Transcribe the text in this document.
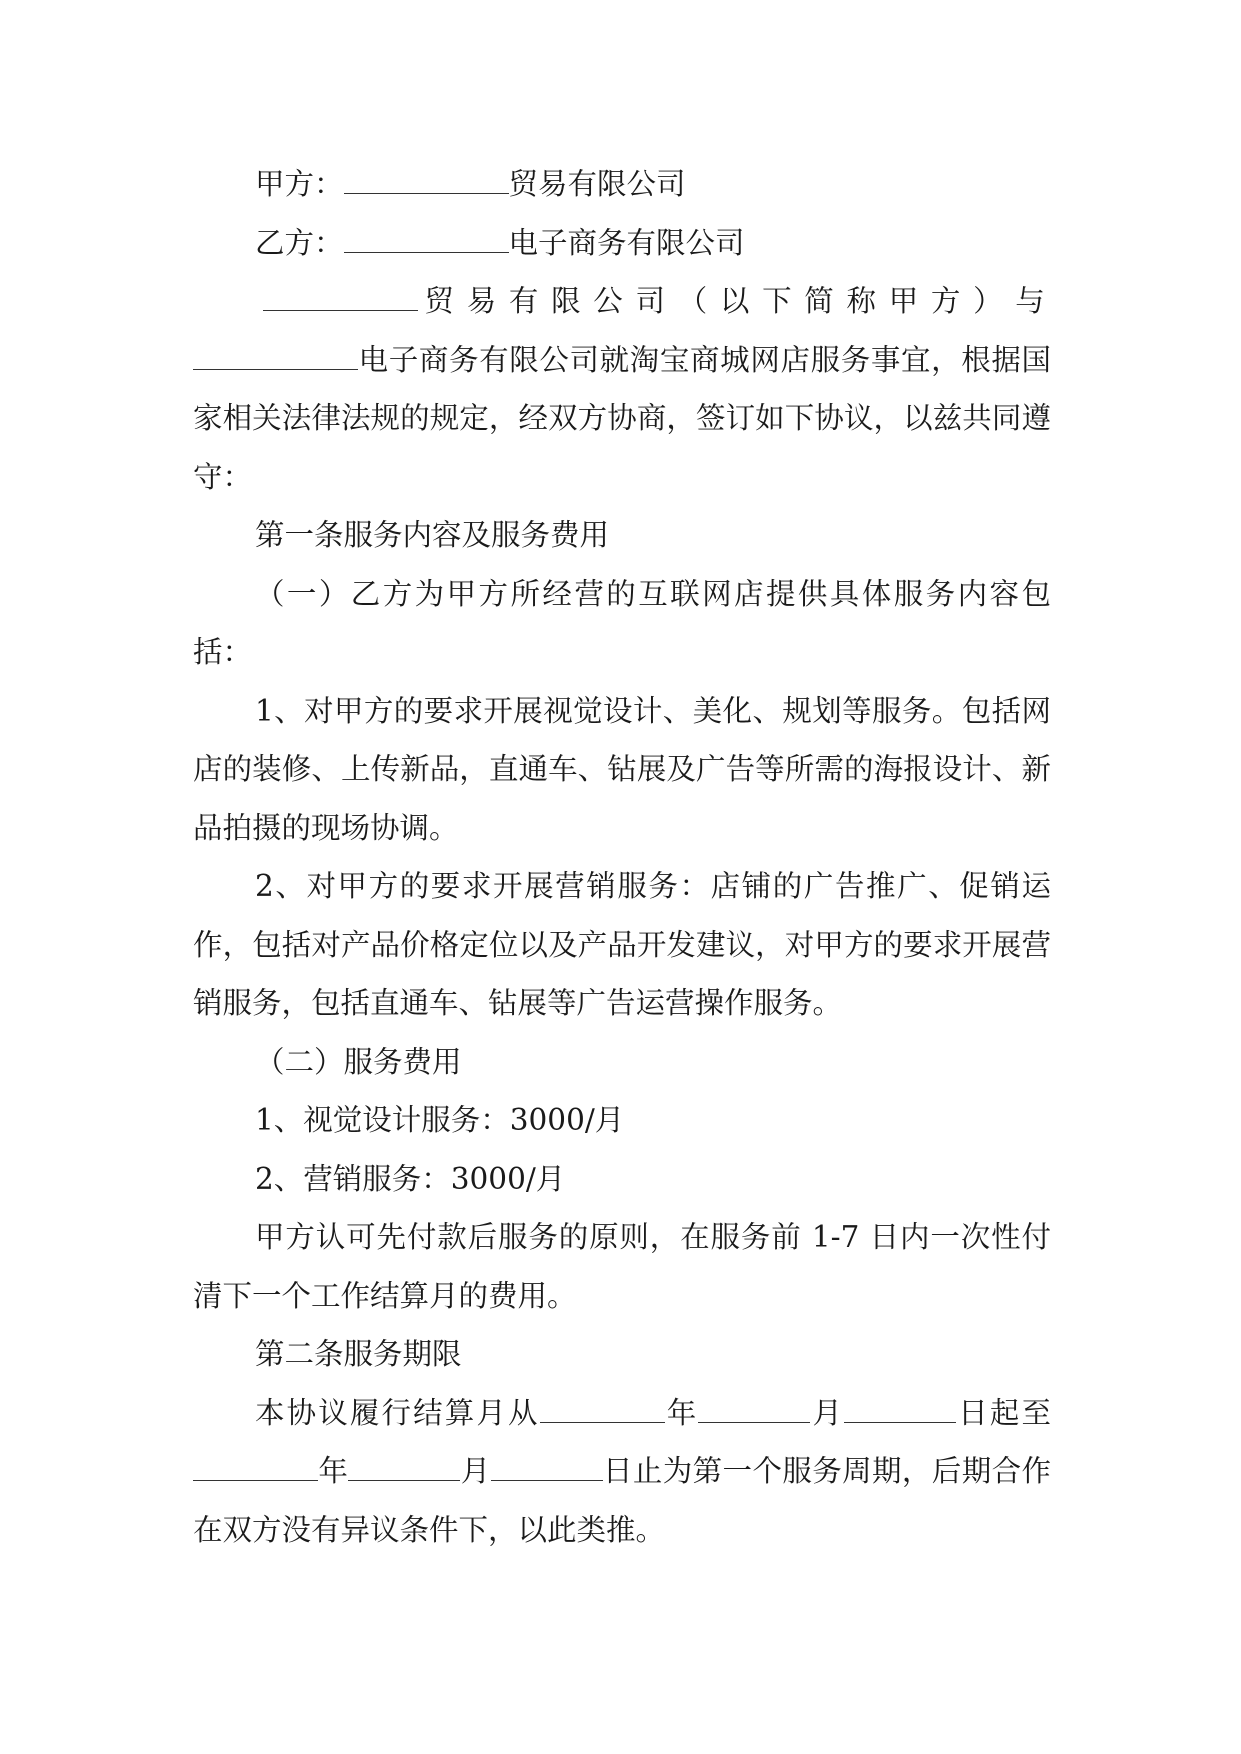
甲方：	贸易有限公司

乙方：	电子商务有限公司

贸易有限公司（以下简称甲方）与电子商务有限公司就淘宝商城网店服务事宜，根据国家相关法律法规的规定，经双方协商，签订如下协议，以兹共同遵守：

第一条服务内容及服务费用

（一）乙方为甲方所经营的互联网店提供具体服务内容包括：

1、对甲方的要求开展视觉设计、美化、规划等服务。包括网店的装修、上传新品，直通车、钻展及广告等所需的海报设计、新品拍摄的现场协调。

2、对甲方的要求开展营销服务：店铺的广告推广、促销运作，包括对产品价格定位以及产品开发建议，对甲方的要求开展营销服务，包括直通车、钻展等广告运营操作服务。

（二）服务费用

1、视觉设计服务：3000/月

2、营销服务：3000/月

甲方认可先付款后服务的原则，在服务前 1-7 日内一次性付清下一个工作结算月的费用。

第二条服务期限

本协议履行结算月从	年	月	日起至年	月	日止为第一个服务周期，后期合作在双方没有异议条件下，以此类推。
